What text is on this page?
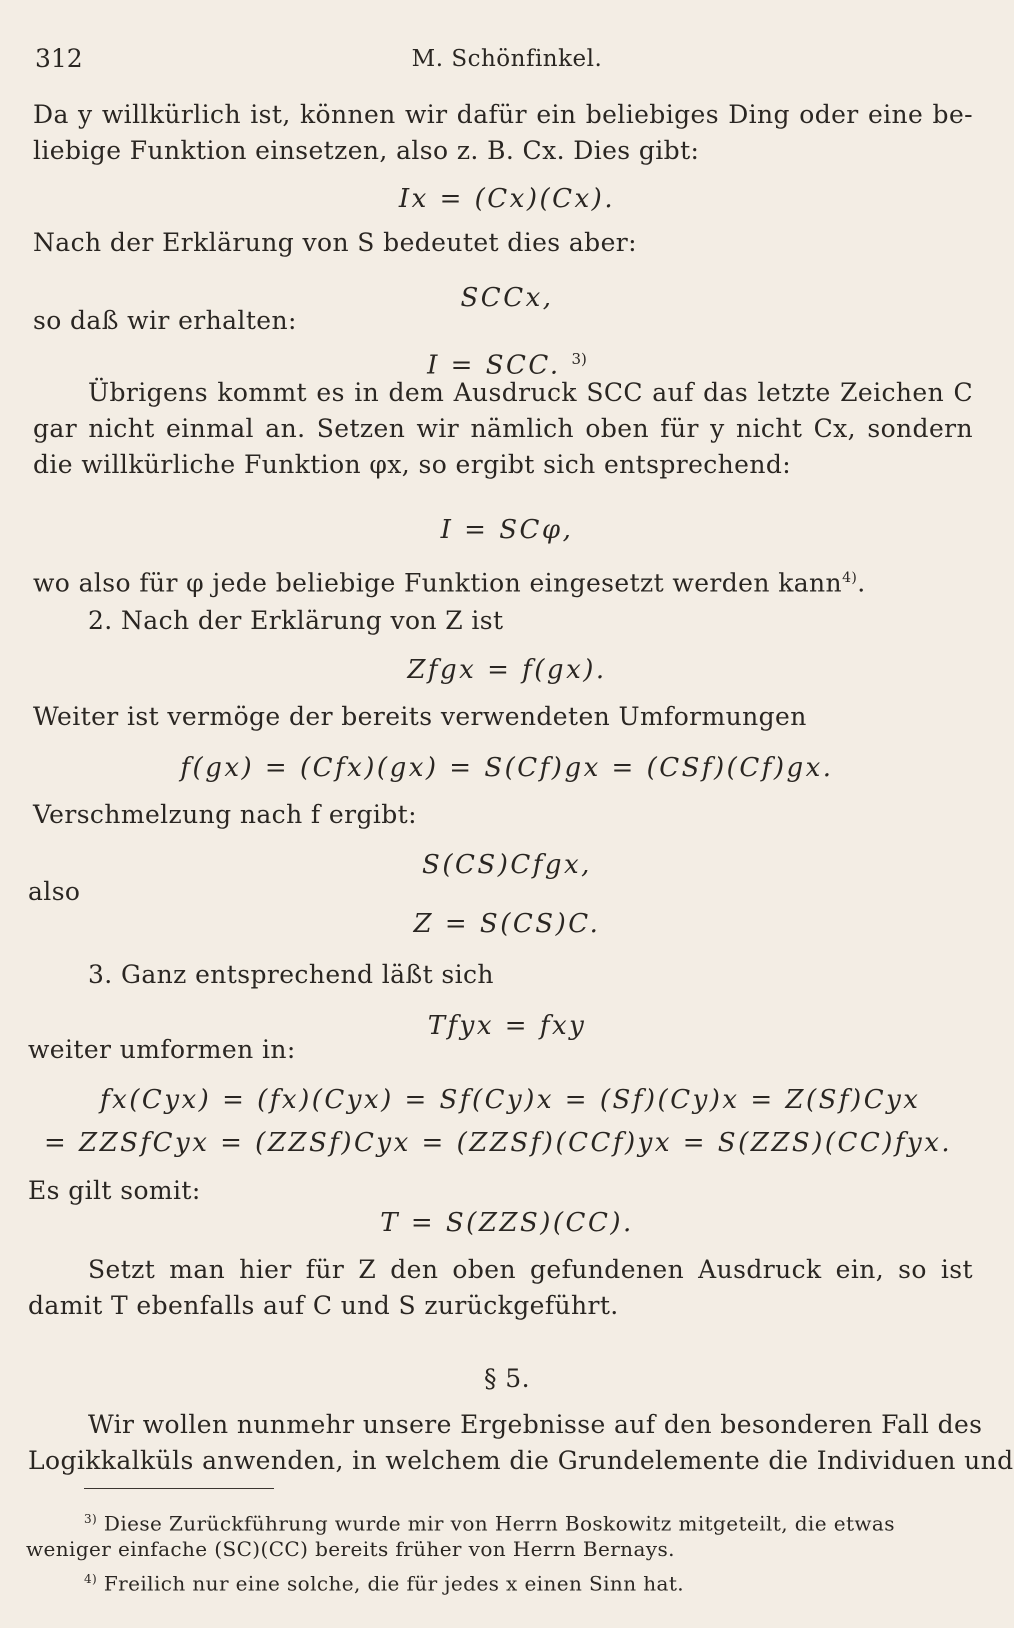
312	M. Schönfinkel.

Da y willkürlich ist, können wir dafür ein beliebiges Ding oder eine be-

liebige Funktion einsetzen, also z. B. Cx. Dies gibt:

Ix = (Cx)(Cx).

Nach der Erklärung von S bedeutet dies aber:

SCCx,

so daß wir erhalten:

I = SCC. $^{3)}$

Übrigens kommt es in dem Ausdruck SCC auf das letzte Zeichen C

gar nicht einmal an. Setzen wir nämlich oben für y nicht Cx, sondern

die willkürliche Funktion φx, so ergibt sich entsprechend:

I = SCφ,

wo also für φ jede beliebige Funktion eingesetzt werden kann$^{4)}$.

2. Nach der Erklärung von Z ist

Zfgx = f(gx).

Weiter ist vermöge der bereits verwendeten Umformungen

f(gx) = (Cfx)(gx) = S(Cf)gx = (CSf)(Cf)gx.

Verschmelzung nach f ergibt:

S(CS)Cfgx,

also

Z = S(CS)C.

3. Ganz entsprechend läßt sich

Tfyx = fxy

weiter umformen in:

fx(Cyx) = (fx)(Cyx) = Sf(Cy)x = (Sf)(Cy)x = Z(Sf)Cyx
= ZZSfCyx = (ZZSf)Cyx = (ZZSf)(CCf)yx = S(ZZS)(CC)fyx.

Es gilt somit:

T = S(ZZS)(CC).

Setzt man hier für Z den oben gefundenen Ausdruck ein, so ist

damit T ebenfalls auf C und S zurückgeführt.

§ 5.

Wir wollen nunmehr unsere Ergebnisse auf den besonderen Fall des

Logikkalküls anwenden, in welchem die Grundelemente die Individuen und

$^{3)}$ Diese Zurückführung wurde mir von Herrn Boskowitz mitgeteilt, die etwas
weniger einfache (SC)(CC) bereits früher von Herrn Bernays.
$^{4)}$ Freilich nur eine solche, die für jedes x einen Sinn hat.
